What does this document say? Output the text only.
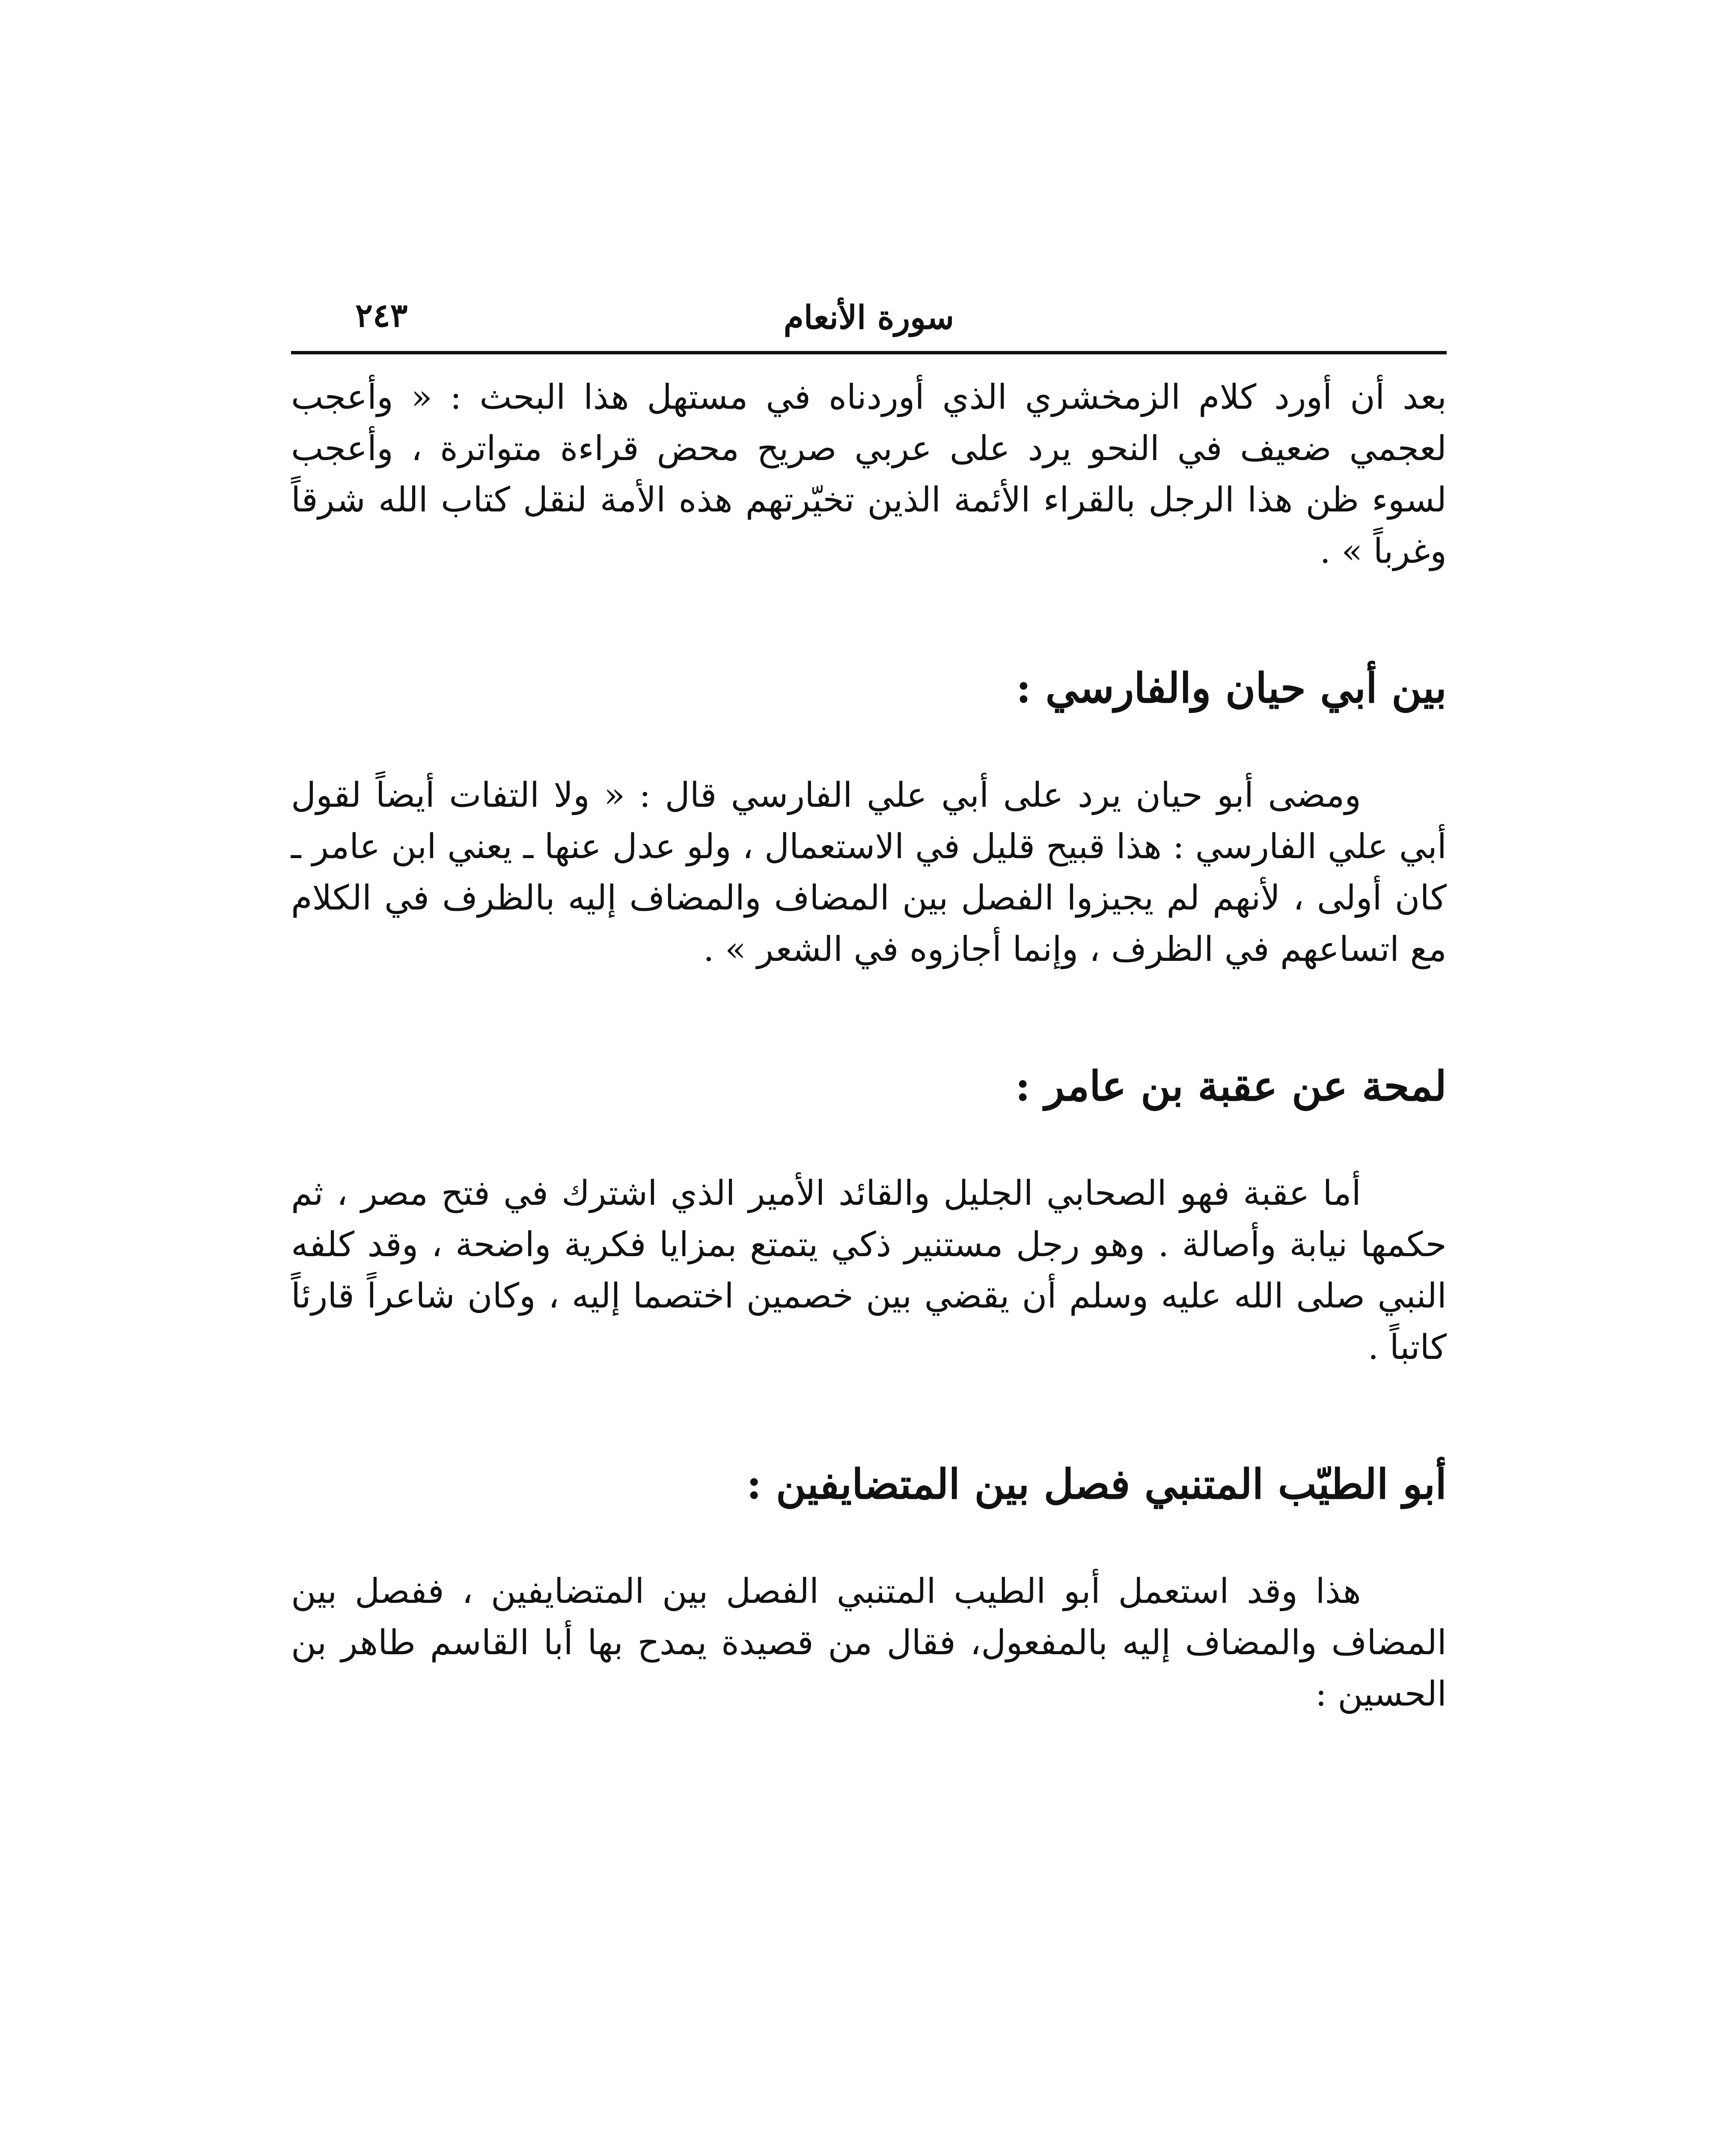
سورة الأنعام
٢٤٣

بعد أن أورد كلام الزمخشري الذي أوردناه في مستهل هذا البحث : « وأعجب لعجمي ضعيف في النحو يرد على عربي صريح محض قراءة متواترة ، وأعجب لسوء ظن هذا الرجل بالقراء الأئمة الذين تخيّرتهم هذه الأمة لنقل كتاب الله شرقاً وغرباً » .

بين أبي حيان والفارسي :

ومضى أبو حيان يرد على أبي علي الفارسي قال : « ولا التفات أيضاً لقول أبي علي الفارسي : هذا قبيح قليل في الاستعمال ، ولو عدل عنها ـ يعني ابن عامر ـ كان أولى ، لأنهم لم يجيزوا الفصل بين المضاف والمضاف إليه بالظرف في الكلام مع اتساعهم في الظرف ، وإنما أجازوه في الشعر » .

لمحة عن عقبة بن عامر :

أما عقبة فهو الصحابي الجليل والقائد الأمير الذي اشترك في فتح مصر ، ثم حكمها نيابة وأصالة . وهو رجل مستنير ذكي يتمتع بمزايا فكرية واضحة ، وقد كلفه النبي صلى الله عليه وسلم أن يقضي بين خصمين اختصما إليه ، وكان شاعراً قارئاً كاتباً .

أبو الطيّب المتنبي فصل بين المتضايفين :

هذا وقد استعمل أبو الطيب المتنبي الفصل بين المتضايفين ، ففصل بين المضاف والمضاف إليه بالمفعول، فقال من قصيدة يمدح بها أبا القاسم طاهر بن الحسين :
